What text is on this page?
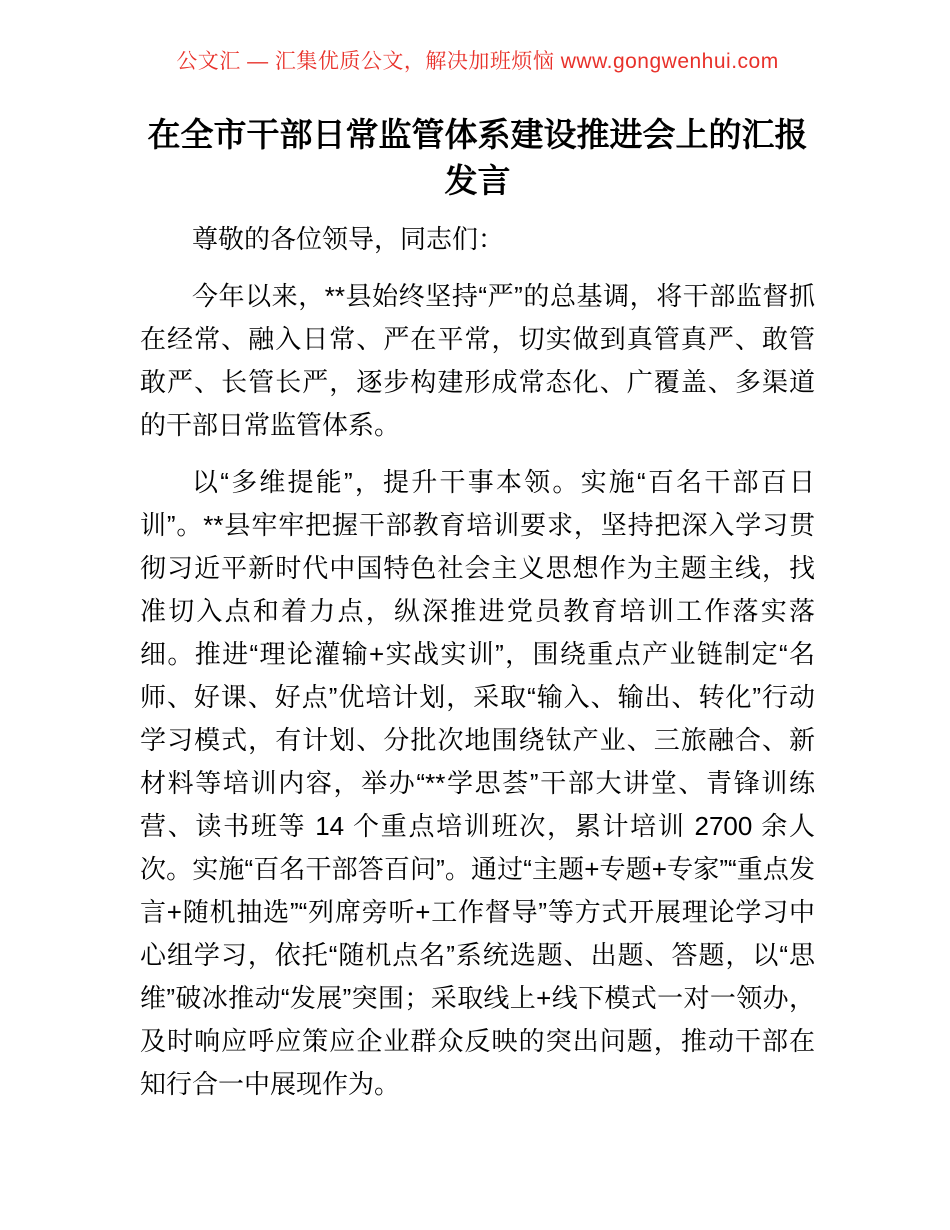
公文汇 — 汇集优质公文，解决加班烦恼 www.gongwenhui.com
在全市干部日常监管体系建设推进会上的汇报发言

尊敬的各位领导，同志们：

今年以来，**县始终坚持“严”的总基调，将干部监督抓在经常、融入日常、严在平常，切实做到真管真严、敢管敢严、长管长严，逐步构建形成常态化、广覆盖、多渠道的干部日常监管体系。

以“多维提能”，提升干事本领。实施“百名干部百日训”。**县牢牢把握干部教育培训要求，坚持把深入学习贯彻习近平新时代中国特色社会主义思想作为主题主线，找准切入点和着力点，纵深推进党员教育培训工作落实落细。推进“理论灌输+实战实训”，围绕重点产业链制定“名师、好课、好点”优培计划，采取“输入、输出、转化”行动学习模式，有计划、分批次地围绕钛产业、三旅融合、新材料等培训内容，举办“**学思荟”干部大讲堂、青锋训练营、读书班等 14 个重点培训班次，累计培训 2700 余人次。实施“百名干部答百问”。通过“主题+专题+专家”“重点发言+随机抽选”“列席旁听+工作督导”等方式开展理论学习中心组学习，依托“随机点名”系统选题、出题、答题，以“思维”破冰推动“发展”突围；采取线上+线下模式一对一领办，及时响应呼应策应企业群众反映的突出问题，推动干部在知行合一中展现作为。
